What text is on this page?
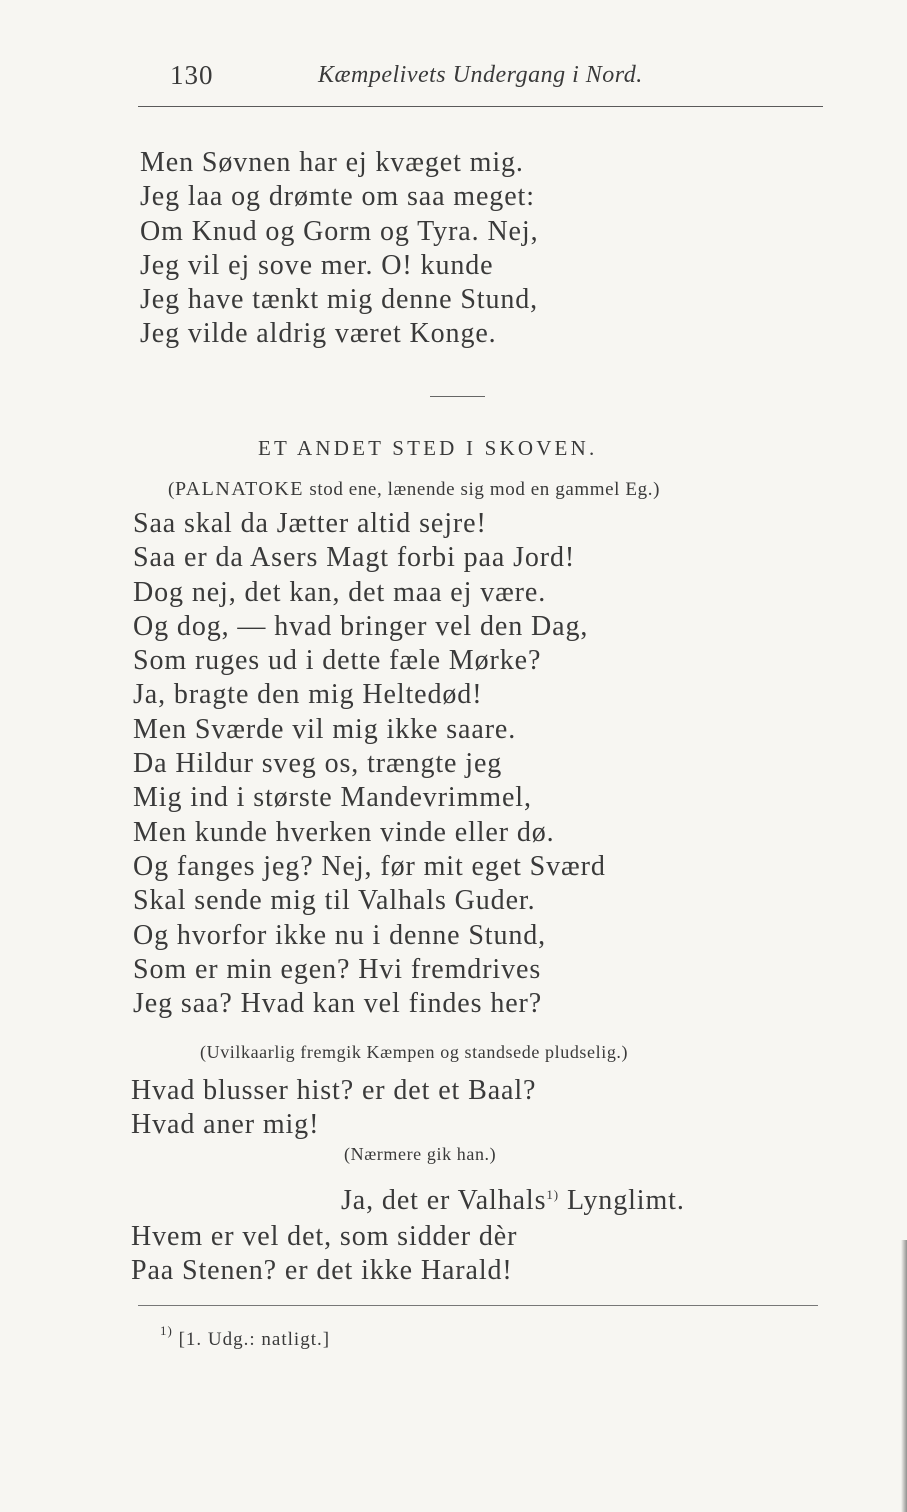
130	Kæmpelivets Undergang i Nord.
Men Søvnen har ej kvæget mig.
Jeg laa og drømte om saa meget:
Om Knud og Gorm og Tyra. Nej,
Jeg vil ej sove mer. O! kunde
Jeg have tænkt mig denne Stund,
Jeg vilde aldrig været Konge.
ET ANDET STED I SKOVEN.
(PALNATOKE stod ene, lænende sig mod en gammel Eg.)
Saa skal da Jætter altid sejre!
Saa er da Asers Magt forbi paa Jord!
Dog nej, det kan, det maa ej være.
Og dog, — hvad bringer vel den Dag,
Som ruges ud i dette fæle Mørke?
Ja, bragte den mig Heltedød!
Men Sværde vil mig ikke saare.
Da Hildur sveg os, trængte jeg
Mig ind i største Mandevrimmel,
Men kunde hverken vinde eller dø.
Og fanges jeg? Nej, før mit eget Sværd
Skal sende mig til Valhals Guder.
Og hvorfor ikke nu i denne Stund,
Som er min egen? Hvi fremdrives
Jeg saa? Hvad kan vel findes her?
(Uvilkaarlig fremgik Kæmpen og standsede pludselig.)
Hvad blusser hist? er det et Baal?
Hvad aner mig!
(Nærmere gik han.)
Ja, det er Valhals$^{1)}$ Lynglimt.
Hvem er vel det, som sidder dèr
Paa Stenen? er det ikke Harald!
$^{1)}$ [1. Udg.: natligt.]
